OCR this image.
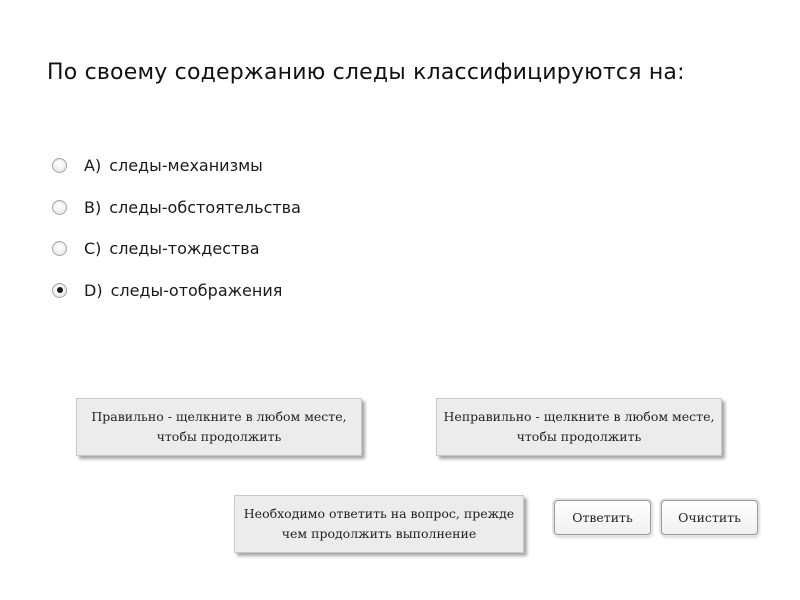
По своему содержанию следы классифицируются на:
A) следы-механизмы
B) следы-обстоятельства
C) следы-тождества
D) следы-отображения
Правильно - щелкните в любом месте, чтобы продолжить
Неправильно - щелкните в любом месте, чтобы продолжить
Необходимо ответить на вопрос, прежде чем продолжить выполнение
Ответить	Очистить
